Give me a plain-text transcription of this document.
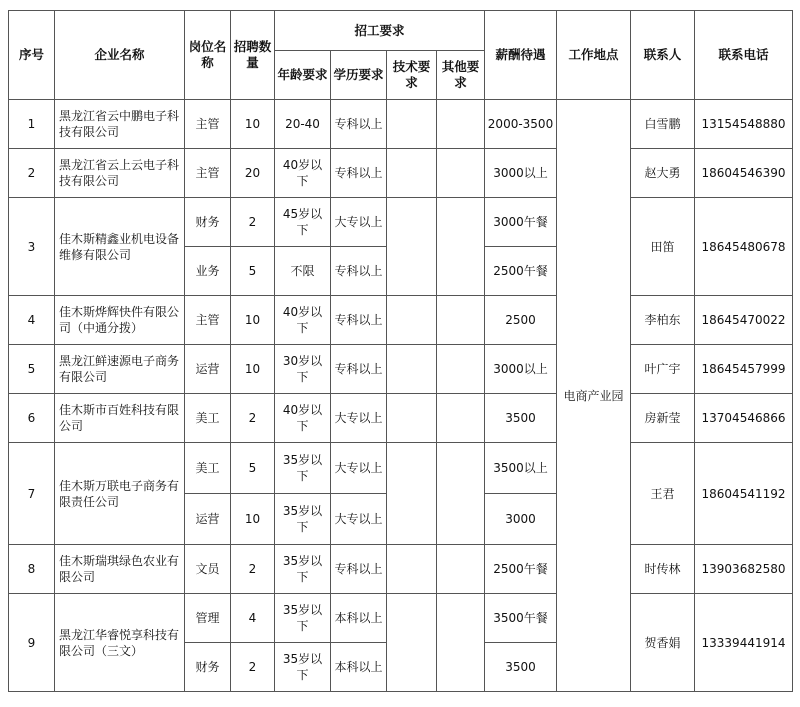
序号	企业名称	岗位名称	招聘数量	招工要求				薪酬待遇	工作地点	联系人	联系电话
				年龄要求	学历要求	技术要求	其他要求				
1	黑龙江省云中鹏电子科技有限公司	主管	10	20-40	专科以上			2000-3500	电商产业园	白雪鹏	13154548880
2	黑龙江省云上云电子科技有限公司	主管	20	40岁以下	专科以上			3000以上		赵大勇	18604546390
3	佳木斯精鑫业机电设备维修有限公司	财务	2	45岁以下	大专以上			3000午餐		田笛	18645480678
		业务	5	不限	专科以上			2500午餐			
4	佳木斯烨辉快件有限公司（中通分拨）	主管	10	40岁以下	专科以上			2500		李柏东	18645470022
5	黑龙江鲜速源电子商务有限公司	运营	10	30岁以下	专科以上			3000以上		叶广宇	18645457999
6	佳木斯市百姓科技有限公司	美工	2	40岁以下	大专以上			3500		房新莹	13704546866
7	佳木斯万联电子商务有限责任公司	美工	5	35岁以下	大专以上			3500以上		王君	18604541192
		运营	10	35岁以下	大专以上			3000			
8	佳木斯瑞琪绿色农业有限公司	文员	2	35岁以下	专科以上			2500午餐		时传林	13903682580
9	黑龙江华睿悦享科技有限公司（三文）	管理	4	35岁以下	本科以上			3500午餐		贺香娟	13339441914
		财务	2	35岁以下	本科以上			3500			
